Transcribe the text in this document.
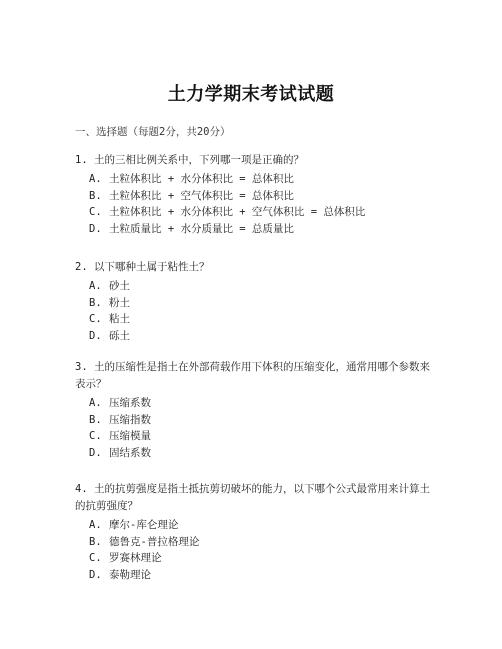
土力学期末考试试题
一、选择题（每题2分，共20分）

1. 土的三相比例关系中，下列哪一项是正确的？

A. 土粒体积比 + 水分体积比 = 总体积比
B. 土粒体积比 + 空气体积比 = 总体积比
C. 土粒体积比 + 水分体积比 + 空气体积比 = 总体积比
D. 土粒质量比 + 水分质量比 = 总质量比

2. 以下哪种土属于粘性土？

A. 砂土
B. 粉土
C. 粘土
D. 砾土

3. 土的压缩性是指土在外部荷载作用下体积的压缩变化，通常用哪个参数来表示？

A. 压缩系数
B. 压缩指数
C. 压缩模量
D. 固结系数

4. 土的抗剪强度是指土抵抗剪切破坏的能力，以下哪个公式最常用来计算土的抗剪强度？

A. 摩尔-库仑理论
B. 德鲁克-普拉格理论
C. 罗赛林理论
D. 泰勒理论
